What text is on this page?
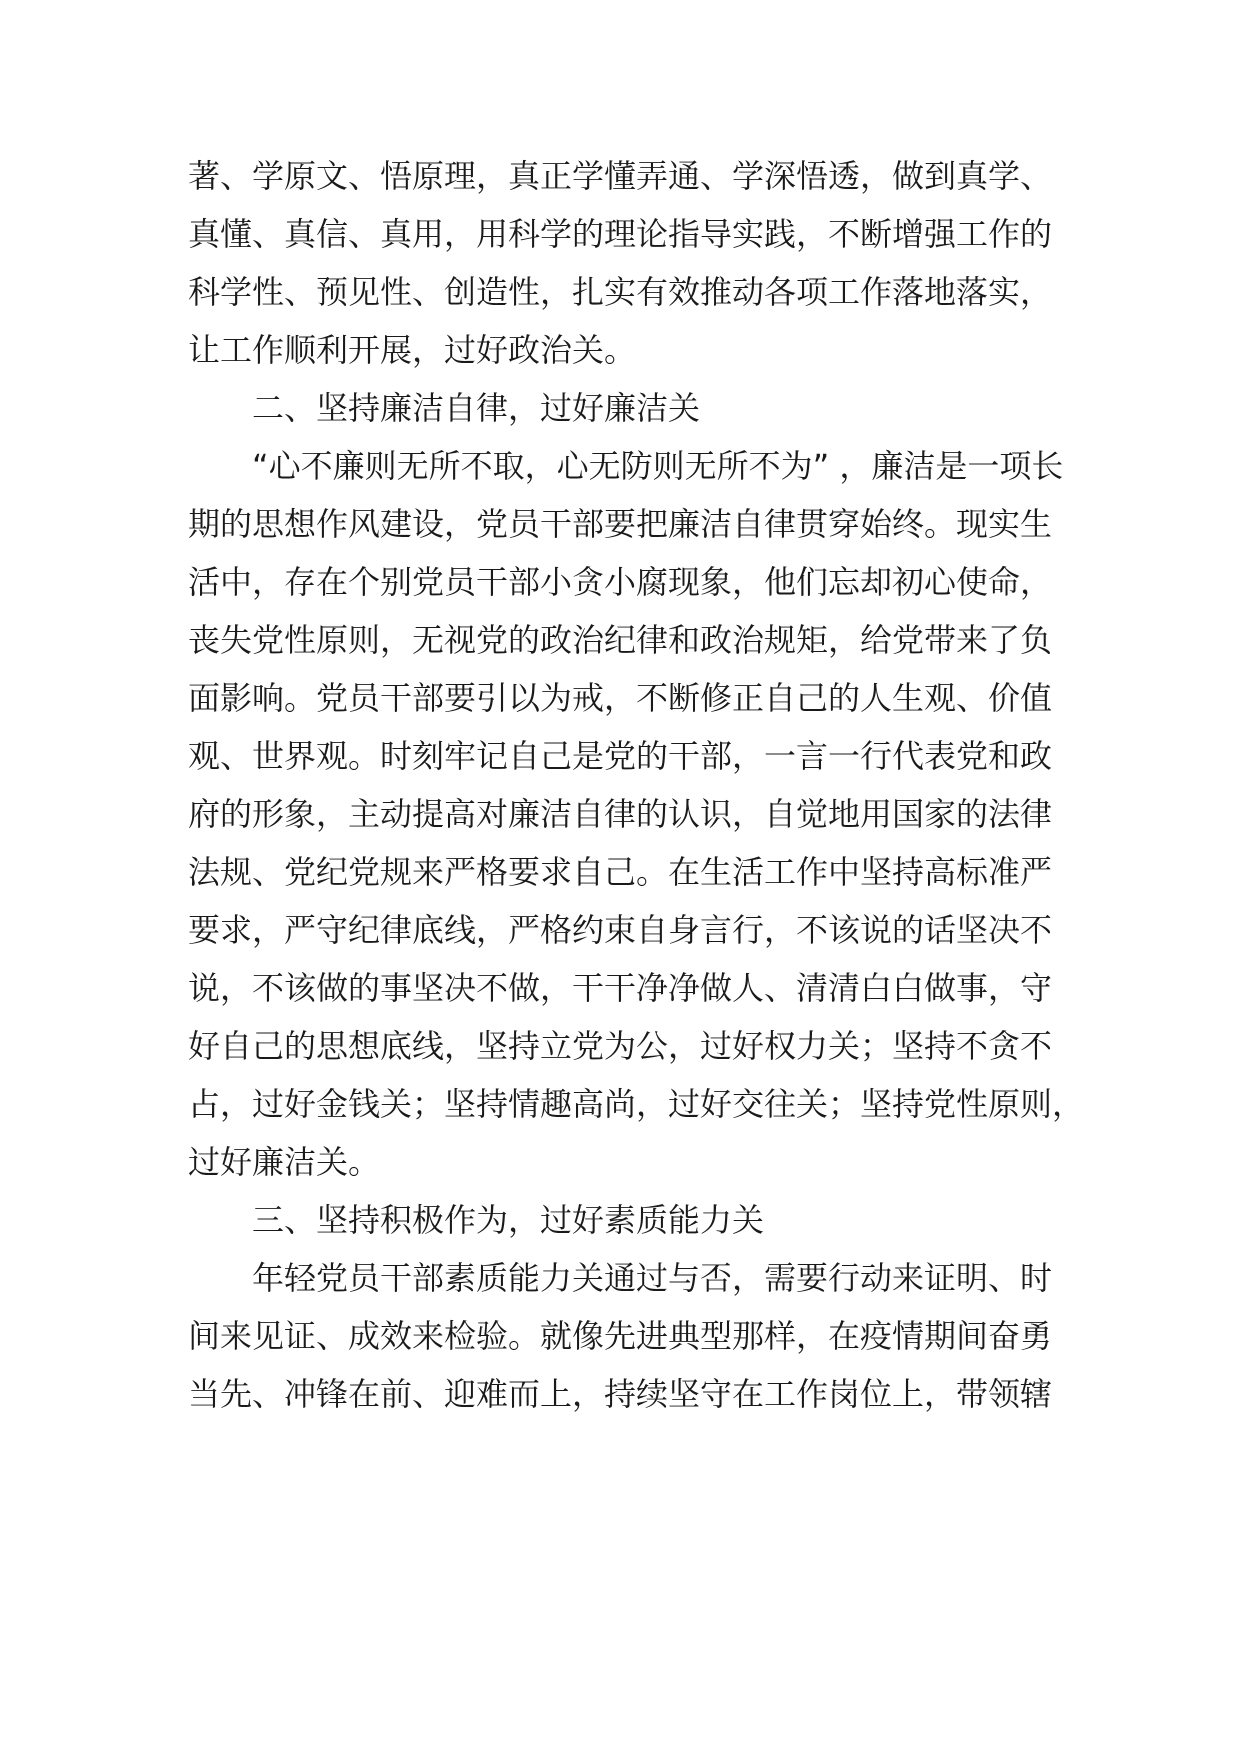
著、学原文、悟原理，真正学懂弄通、学深悟透，做到真学、
真懂、真信、真用，用科学的理论指导实践，不断增强工作的
科学性、预见性、创造性，扎实有效推动各项工作落地落实，
让工作顺利开展，过好政治关。
二、坚持廉洁自律，过好廉洁关
“心不廉则无所不取，心无防则无所不为” ，廉洁是一项长
期的思想作风建设，党员干部要把廉洁自律贯穿始终。现实生
活中，存在个别党员干部小贪小腐现象，他们忘却初心使命，
丧失党性原则，无视党的政治纪律和政治规矩，给党带来了负
面影响。党员干部要引以为戒，不断修正自己的人生观、价值
观、世界观。时刻牢记自己是党的干部，一言一行代表党和政
府的形象，主动提高对廉洁自律的认识，自觉地用国家的法律
法规、党纪党规来严格要求自己。在生活工作中坚持高标准严
要求，严守纪律底线，严格约束自身言行，不该说的话坚决不
说，不该做的事坚决不做，干干净净做人、清清白白做事，守
好自己的思想底线，坚持立党为公，过好权力关；坚持不贪不
占，过好金钱关；坚持情趣高尚，过好交往关；坚持党性原则，
过好廉洁关。
三、坚持积极作为，过好素质能力关
年轻党员干部素质能力关通过与否，需要行动来证明、时
间来见证、成效来检验。就像先进典型那样，在疫情期间奋勇
当先、冲锋在前、迎难而上，持续坚守在工作岗位上，带领辖
